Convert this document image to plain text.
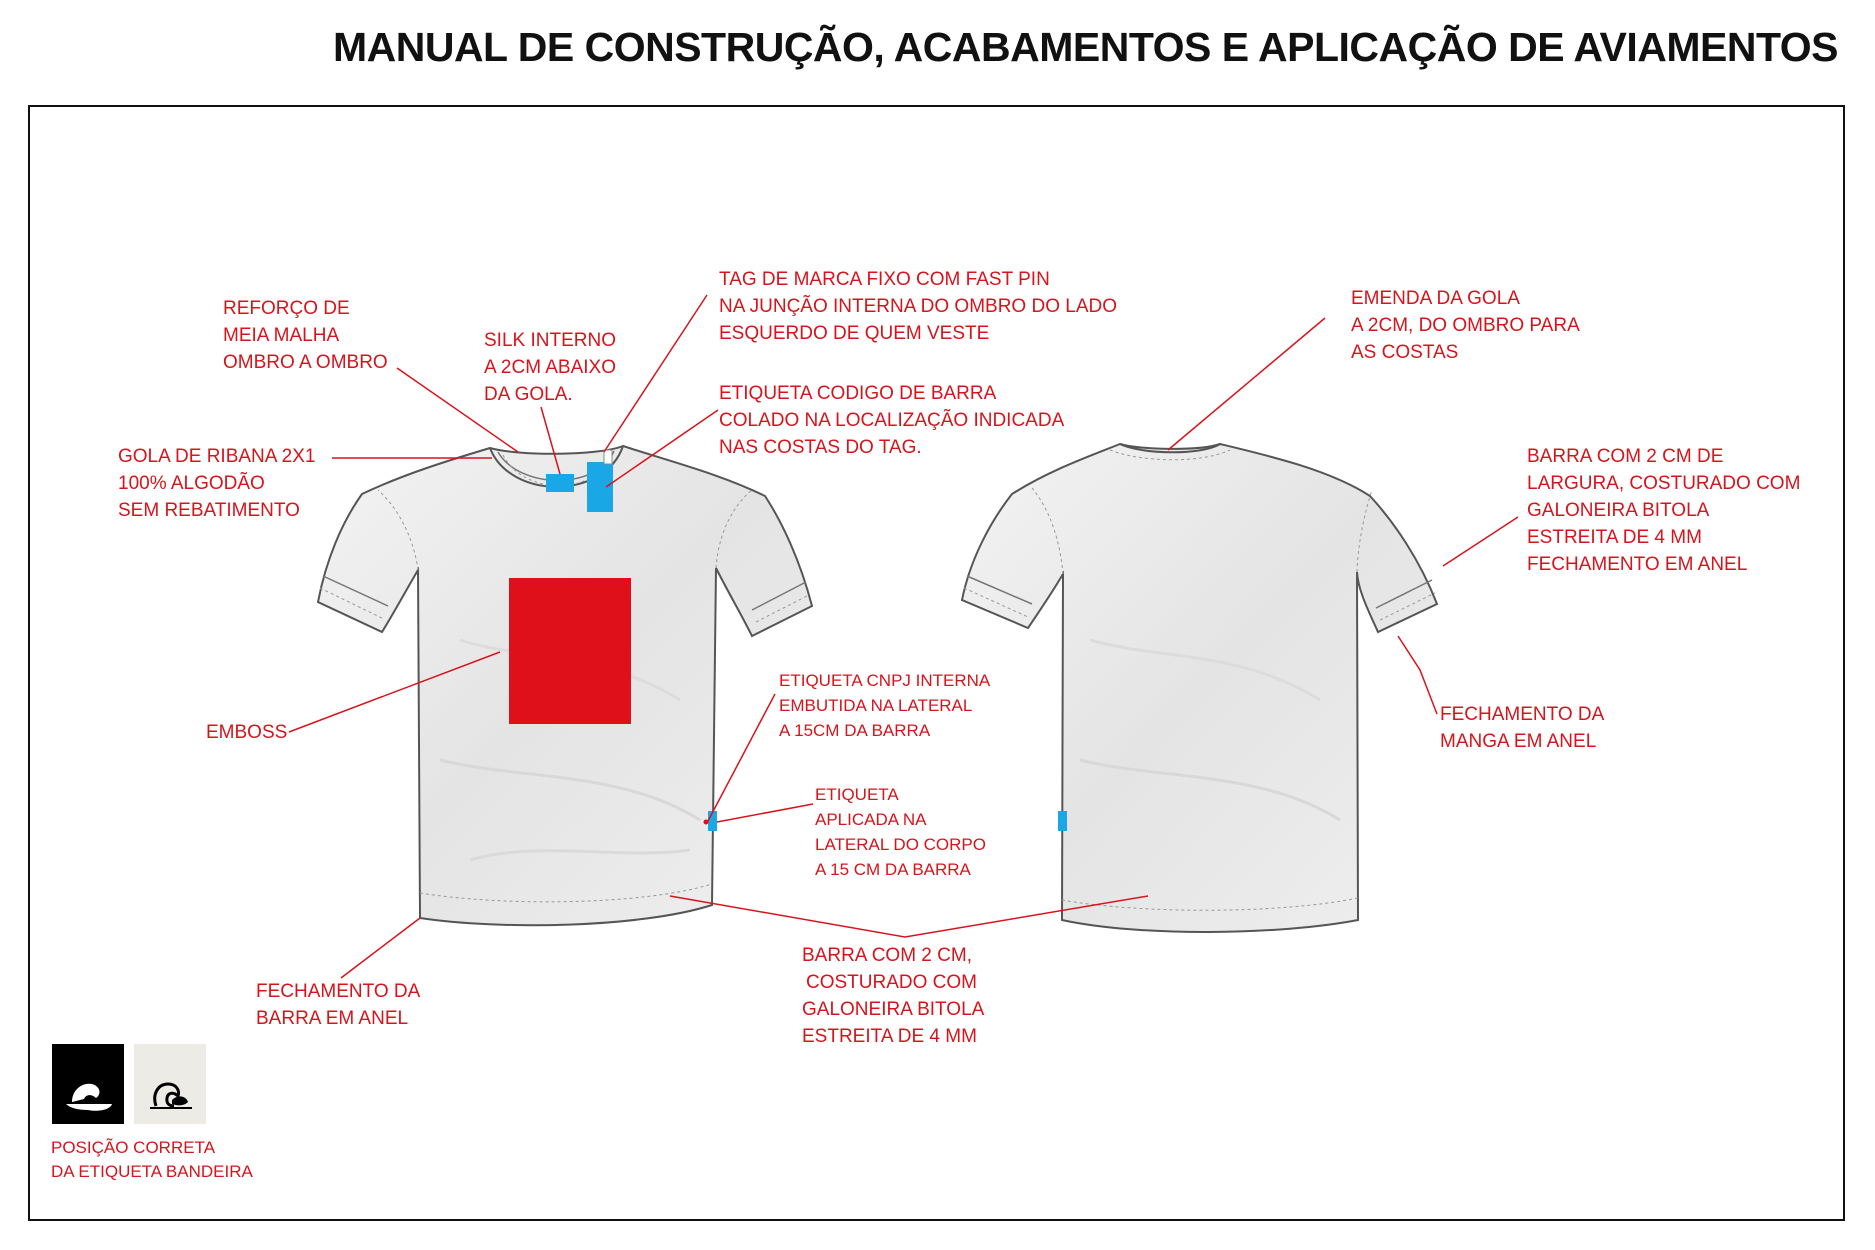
MANUAL DE CONSTRUÇÃO, ACABAMENTOS E APLICAÇÃO DE AVIAMENTOS
REFORÇO DE
MEIA MALHA
OMBRO A OMBRO
SILK INTERNO
A 2CM ABAIXO
DA GOLA.
TAG DE MARCA FIXO COM FAST PIN
NA JUNÇÃO INTERNA DO OMBRO DO LADO
ESQUERDO DE QUEM VESTE
ETIQUETA CODIGO DE BARRA
COLADO NA LOCALIZAÇÃO INDICADA
NAS COSTAS DO TAG.
GOLA DE RIBANA 2X1
100% ALGODÃO
SEM REBATIMENTO
EMBOSS
ETIQUETA CNPJ INTERNA
EMBUTIDA NA LATERAL
A 15CM DA BARRA
ETIQUETA
APLICADA NA
LATERAL DO CORPO
A 15 CM DA BARRA
FECHAMENTO DA
BARRA EM ANEL
BARRA COM 2 CM,
COSTURADO COM
GALONEIRA BITOLA
ESTREITA DE 4 MM
EMENDA DA GOLA
A 2CM, DO OMBRO PARA
AS COSTAS
BARRA COM 2 CM DE
LARGURA, COSTURADO COM
GALONEIRA BITOLA
ESTREITA DE 4 MM
FECHAMENTO EM ANEL
FECHAMENTO DA
MANGA EM ANEL
POSIÇÃO CORRETA
DA ETIQUETA BANDEIRA
